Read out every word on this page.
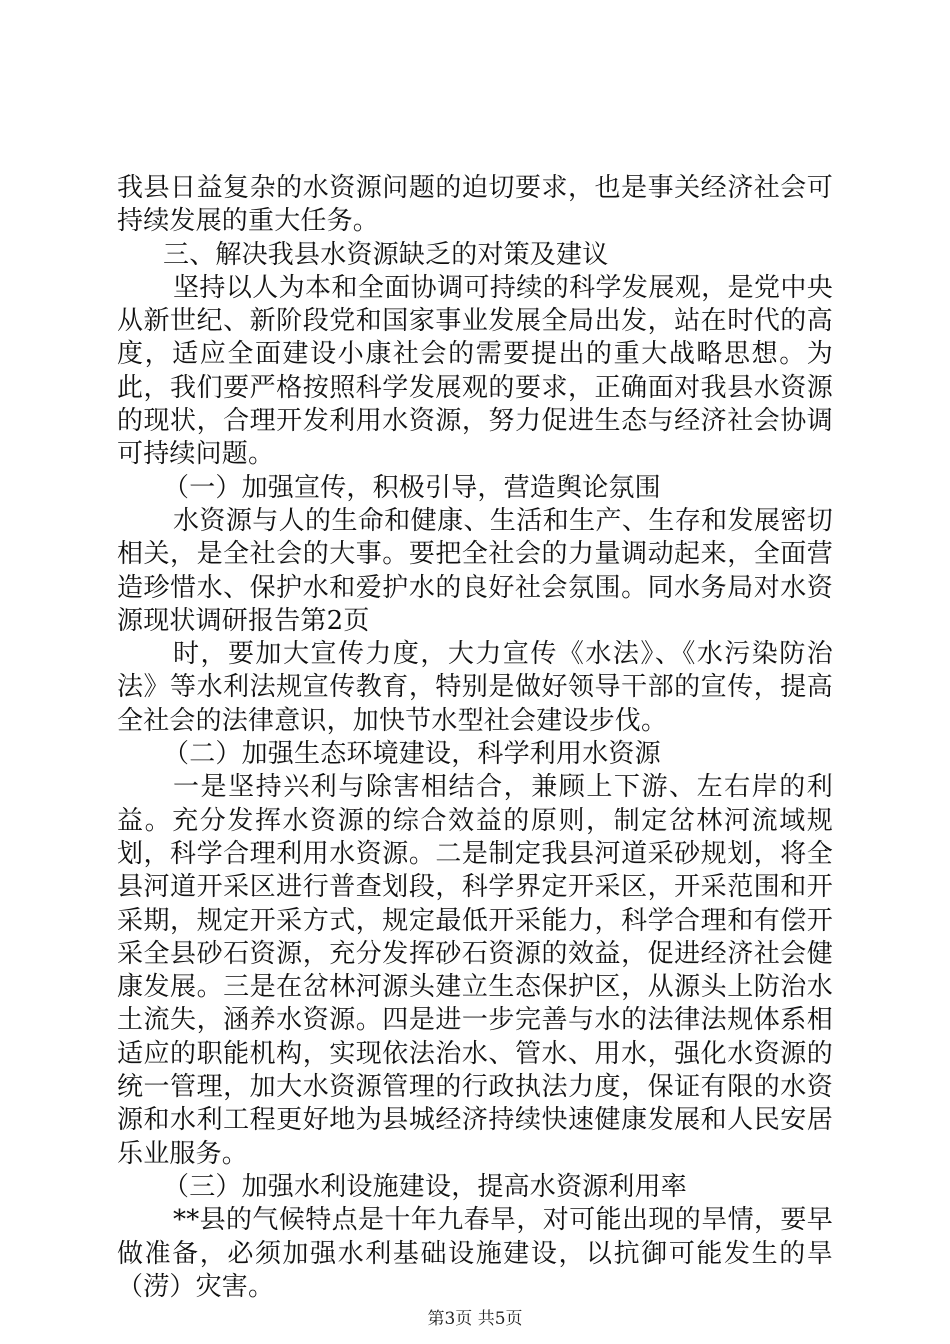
我县日益复杂的水资源问题的迫切要求，也是事关经济社会可持续发展的重大任务。

三、解决我县水资源缺乏的对策及建议

坚持以人为本和全面协调可持续的科学发展观，是党中央从新世纪、新阶段党和国家事业发展全局出发，站在时代的高度，适应全面建设小康社会的需要提出的重大战略思想。为此，我们要严格按照科学发展观的要求，正确面对我县水资源的现状，合理开发利用水资源，努力促进生态与经济社会协调可持续问题。

（一）加强宣传，积极引导，营造舆论氛围

水资源与人的生命和健康、生活和生产、生存和发展密切相关，是全社会的大事。要把全社会的力量调动起来，全面营造珍惜水、保护水和爱护水的良好社会氛围。同水务局对水资源现状调研报告第2页

时，要加大宣传力度，大力宣传《水法》、《水污染防治法》等水利法规宣传教育，特别是做好领导干部的宣传，提高全社会的法律意识，加快节水型社会建设步伐。

（二）加强生态环境建设，科学利用水资源

一是坚持兴利与除害相结合，兼顾上下游、左右岸的利益。充分发挥水资源的综合效益的原则，制定岔林河流域规划，科学合理利用水资源。二是制定我县河道采砂规划，将全县河道开采区进行普查划段，科学界定开采区，开采范围和开采期，规定开采方式，规定最低开采能力，科学合理和有偿开采全县砂石资源，充分发挥砂石资源的效益，促进经济社会健康发展。三是在岔林河源头建立生态保护区，从源头上防治水土流失，涵养水资源。四是进一步完善与水的法律法规体系相适应的职能机构，实现依法治水、管水、用水，强化水资源的统一管理，加大水资源管理的行政执法力度，保证有限的水资源和水利工程更好地为县城经济持续快速健康发展和人民安居乐业服务。

（三）加强水利设施建设，提高水资源利用率

**县的气候特点是十年九春旱，对可能出现的旱情，要早做准备，必须加强水利基础设施建设，以抗御可能发生的旱（涝）灾害。

第3页 共5页
